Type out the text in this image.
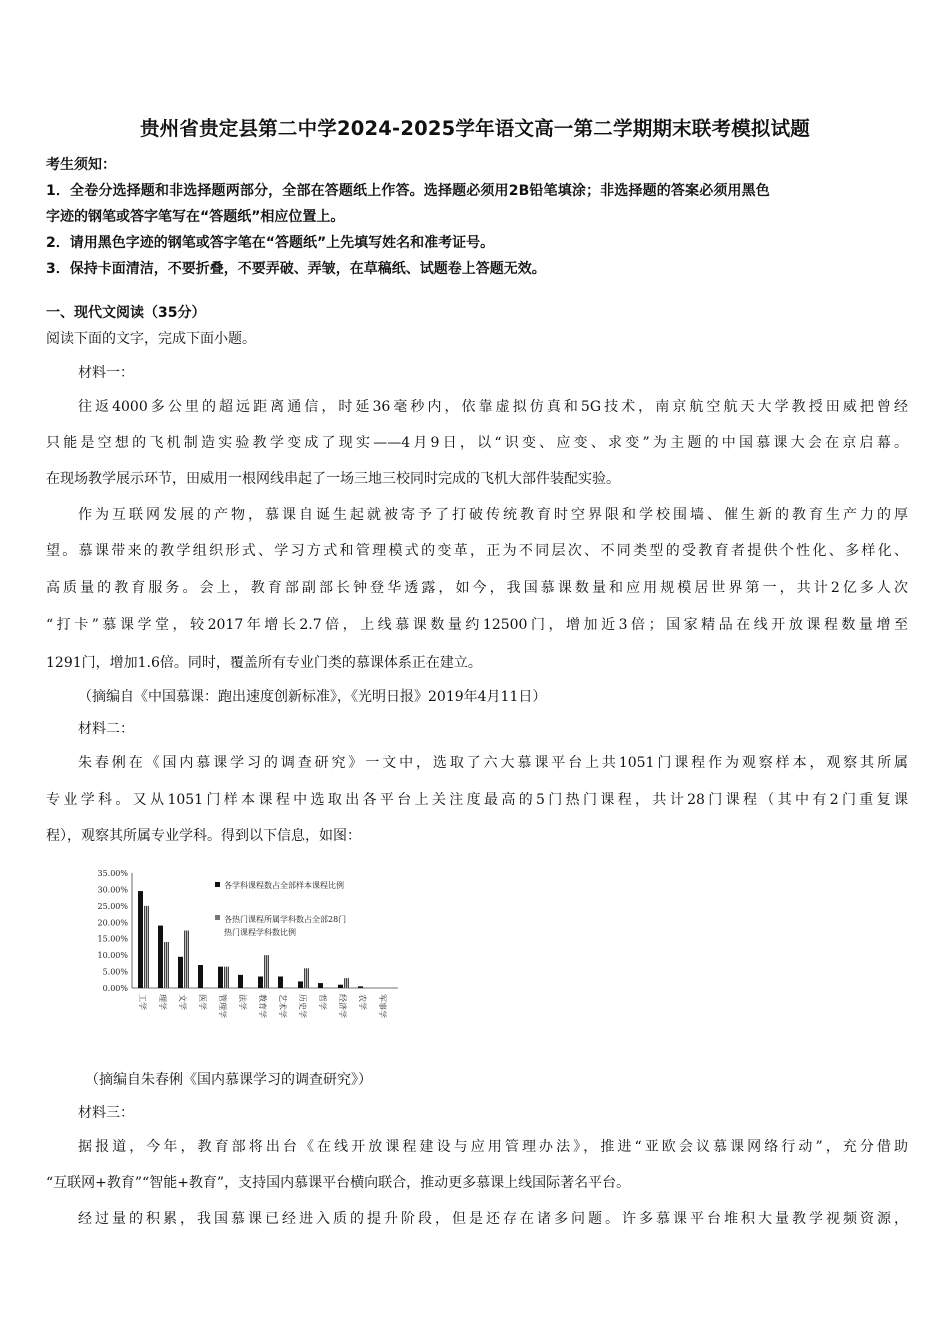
贵州省贵定县第二中学2024-2025学年语文高一第二学期期末联考模拟试题
考生须知：
1．全卷分选择题和非选择题两部分，全部在答题纸上作答。选择题必须用2B铅笔填涂；非选择题的答案必须用黑色
字迹的钢笔或答字笔写在“答题纸”相应位置上。
2．请用黑色字迹的钢笔或答字笔在“答题纸”上先填写姓名和准考证号。
3．保持卡面清洁，不要折叠，不要弄破、弄皱，在草稿纸、试题卷上答题无效。
一、现代文阅读（35分）
阅读下面的文字，完成下面小题。
材料一：
往返4000多公里的超远距离通信，时延36毫秒内，依靠虚拟仿真和5G技术，南京航空航天大学教授田威把曾经
只能是空想的飞机制造实验教学变成了现实——4月9日，以“识变、应变、求变”为主题的中国慕课大会在京启幕。
在现场教学展示环节，田威用一根网线串起了一场三地三校同时完成的飞机大部件装配实验。
作为互联网发展的产物，慕课自诞生起就被寄予了打破传统教育时空界限和学校围墙、催生新的教育生产力的厚
望。慕课带来的教学组织形式、学习方式和管理模式的变革，正为不同层次、不同类型的受教育者提供个性化、多样化、
高质量的教育服务。会上，教育部副部长钟登华透露，如今，我国慕课数量和应用规模居世界第一，共计2亿多人次
“打卡”慕课学堂，较2017年增长2.7倍，上线慕课数量约12500门，增加近3倍；国家精品在线开放课程数量增至
1291门，增加1.6倍。同时，覆盖所有专业门类的慕课体系正在建立。
（摘编自《中国慕课：跑出速度创新标准》，《光明日报》2019年4月11日）
材料二：
朱春俐在《国内慕课学习的调查研究》一文中，选取了六大慕课平台上共1051门课程作为观察样本，观察其所属
专业学科。又从1051门样本课程中选取出各平台上关注度最高的5门热门课程，共计28门课程（其中有2门重复课
程），观察其所属专业学科。得到以下信息，如图：
35.00%
30.00%
25.00%
20.00%
15.00%
10.00%
5.00%
0.00%
工学 理学 文学 医学 管理学 法学 教育学 艺术学 历史学 哲学 经济学 农学 军事学
各学科课程数占全部样本课程比例
各热门课程所属学科数占全部28门
热门课程学科数比例
（摘编自朱春俐《国内慕课学习的调查研究》）
材料三：
据报道，今年，教育部将出台《在线开放课程建设与应用管理办法》，推进“亚欧会议慕课网络行动”，充分借助
“互联网+教育”“智能+教育”，支持国内慕课平台横向联合，推动更多慕课上线国际著名平台。
经过量的积累，我国慕课已经进入质的提升阶段，但是还存在诸多问题。许多慕课平台堆积大量教学视频资源，
